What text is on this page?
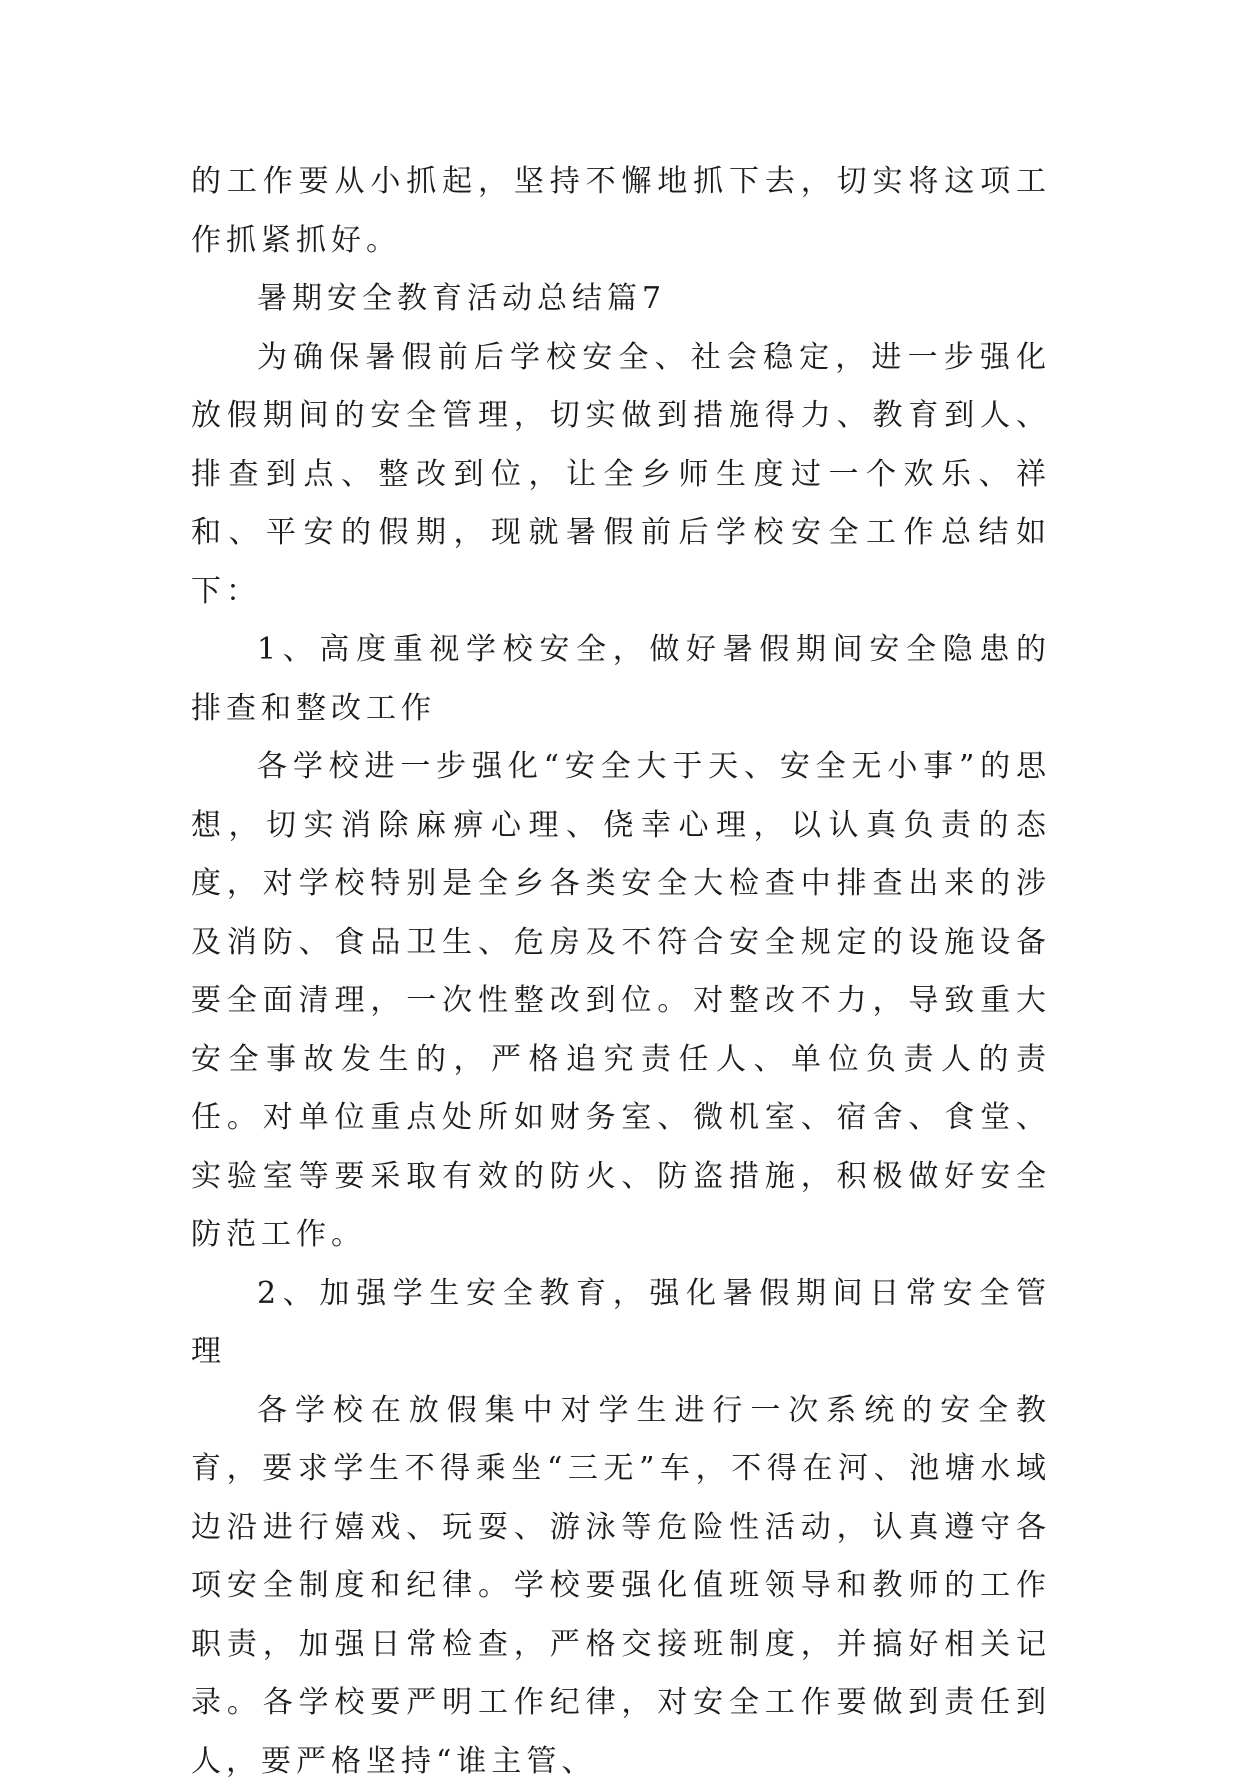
的工作要从小抓起，坚持不懈地抓下去，切实将这项工作抓紧抓好。

暑期安全教育活动总结篇7

为确保暑假前后学校安全、社会稳定，进一步强化放假期间的安全管理，切实做到措施得力、教育到人、排查到点、整改到位，让全乡师生度过一个欢乐、祥和、平安的假期，现就暑假前后学校安全工作总结如下：

1、高度重视学校安全，做好暑假期间安全隐患的排查和整改工作

各学校进一步强化“安全大于天、安全无小事”的思想，切实消除麻痹心理、侥幸心理，以认真负责的态度，对学校特别是全乡各类安全大检查中排查出来的涉及消防、食品卫生、危房及不符合安全规定的设施设备要全面清理，一次性整改到位。对整改不力，导致重大安全事故发生的，严格追究责任人、单位负责人的责任。对单位重点处所如财务室、微机室、宿舍、食堂、实验室等要采取有效的防火、防盗措施，积极做好安全防范工作。

2、加强学生安全教育，强化暑假期间日常安全管理

各学校在放假集中对学生进行一次系统的安全教育，要求学生不得乘坐“三无”车，不得在河、池塘水域边沿进行嬉戏、玩耍、游泳等危险性活动，认真遵守各项安全制度和纪律。学校要强化值班领导和教师的工作职责，加强日常检查，严格交接班制度，并搞好相关记录。各学校要严明工作纪律，对安全工作要做到责任到人，要严格坚持“谁主管、
